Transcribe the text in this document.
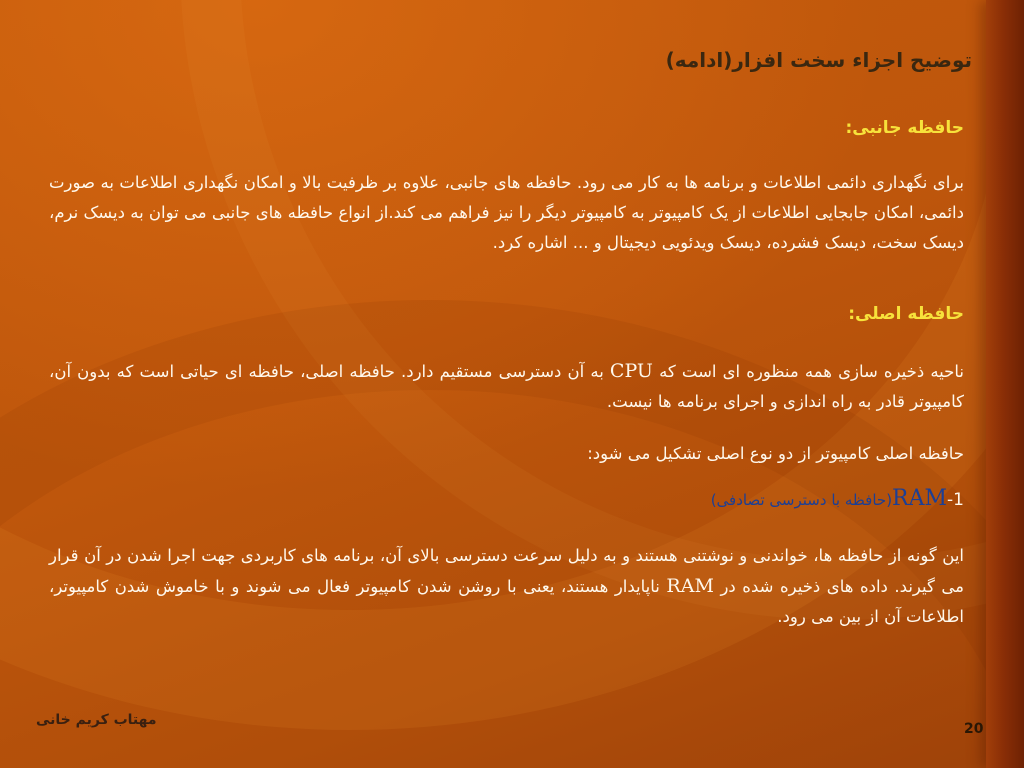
توضیح اجزاء سخت افزار(ادامه)
حافظه جانبی:
برای نگهداری دائمی اطلاعات و برنامه ها به کار می رود. حافظه های جانبی، علاوه بر ظرفیت بالا و امکان نگهداری اطلاعات به صورت دائمی، امکان جابجایی اطلاعات از یک کامپیوتر به کامپیوتر دیگر را نیز فراهم می کند.از انواع حافظه های جانبی می توان به دیسک نرم، دیسک سخت، دیسک فشرده، دیسک ویدئویی دیجیتال و ... اشاره کرد.
حافظه اصلی:
ناحیه ذخیره سازی همه منظوره ای است که CPU به آن دسترسی مستقیم دارد. حافظه اصلی، حافظه ای حیاتی است که بدون آن، کامپیوتر قادر به راه اندازی و اجرای برنامه ها نیست.
حافظه اصلی کامپیوتر از دو نوع اصلی تشکیل می شود:
1-RAM(حافظه با دسترسی تصادفی)
این گونه از حافظه ها، خواندنی و نوشتنی هستند و به دلیل سرعت دسترسی بالای آن، برنامه های کاربردی جهت اجرا شدن در آن قرار می گیرند. داده های ذخیره شده در RAM ناپایدار هستند، یعنی با روشن شدن کامپیوتر فعال می شوند و با خاموش شدن کامپیوتر، اطلاعات آن از بین می رود.
مهتاب کریم خانی
20
